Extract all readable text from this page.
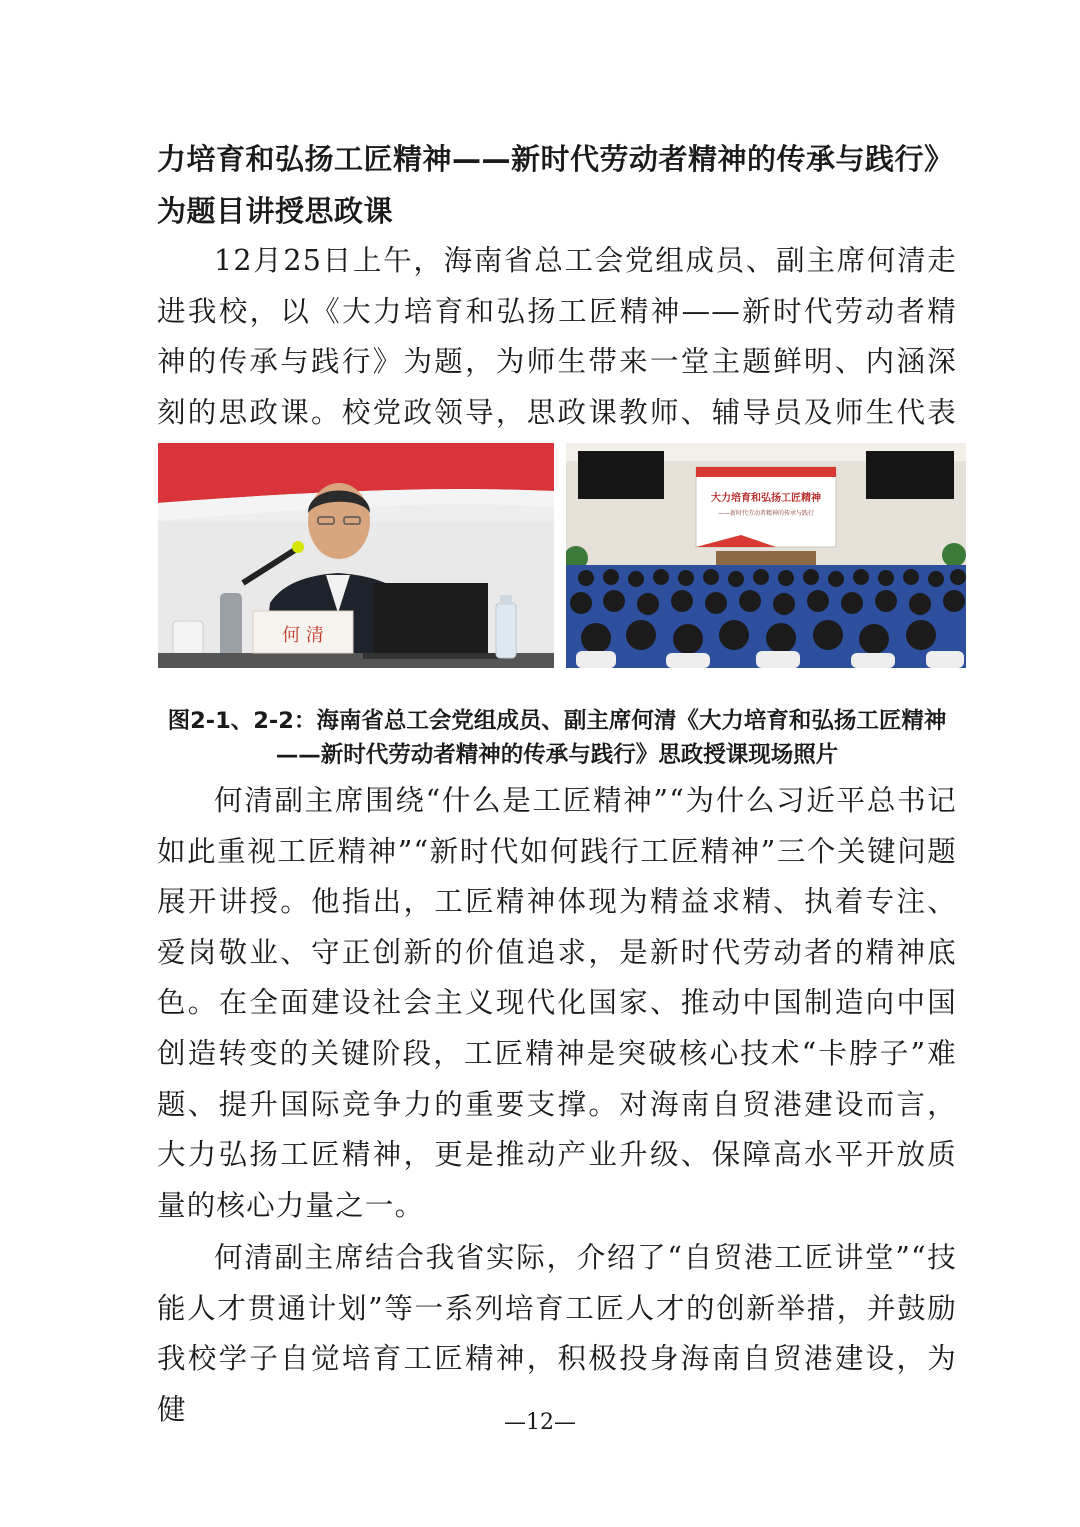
力培育和弘扬工匠精神——新时代劳动者精神的传承与践行》为题目讲授思政课

12月25日上午，海南省总工会党组成员、副主席何清走进我校，以《大力培育和弘扬工匠精神——新时代劳动者精神的传承与践行》为题，为师生带来一堂主题鲜明、内涵深刻的思政课。校党政领导，思政课教师、辅导员及师生代表

何 清
大力培育和弘扬工匠精神
——新时代劳动者精神的传承与践行

图2-1、2-2：海南省总工会党组成员、副主席何清《大力培育和弘扬工匠精神——新时代劳动者精神的传承与践行》思政授课现场照片

何清副主席围绕“什么是工匠精神”“为什么习近平总书记如此重视工匠精神”“新时代如何践行工匠精神”三个关键问题展开讲授。他指出，工匠精神体现为精益求精、执着专注、爱岗敬业、守正创新的价值追求，是新时代劳动者的精神底色。在全面建设社会主义现代化国家、推动中国制造向中国创造转变的关键阶段，工匠精神是突破核心技术“卡脖子”难题、提升国际竞争力的重要支撑。对海南自贸港建设而言，大力弘扬工匠精神，更是推动产业升级、保障高水平开放质量的核心力量之一。

何清副主席结合我省实际，介绍了“自贸港工匠讲堂”“技能人才贯通计划”等一系列培育工匠人才的创新举措，并鼓励我校学子自觉培育工匠精神，积极投身海南自贸港建设，为健	—12—
